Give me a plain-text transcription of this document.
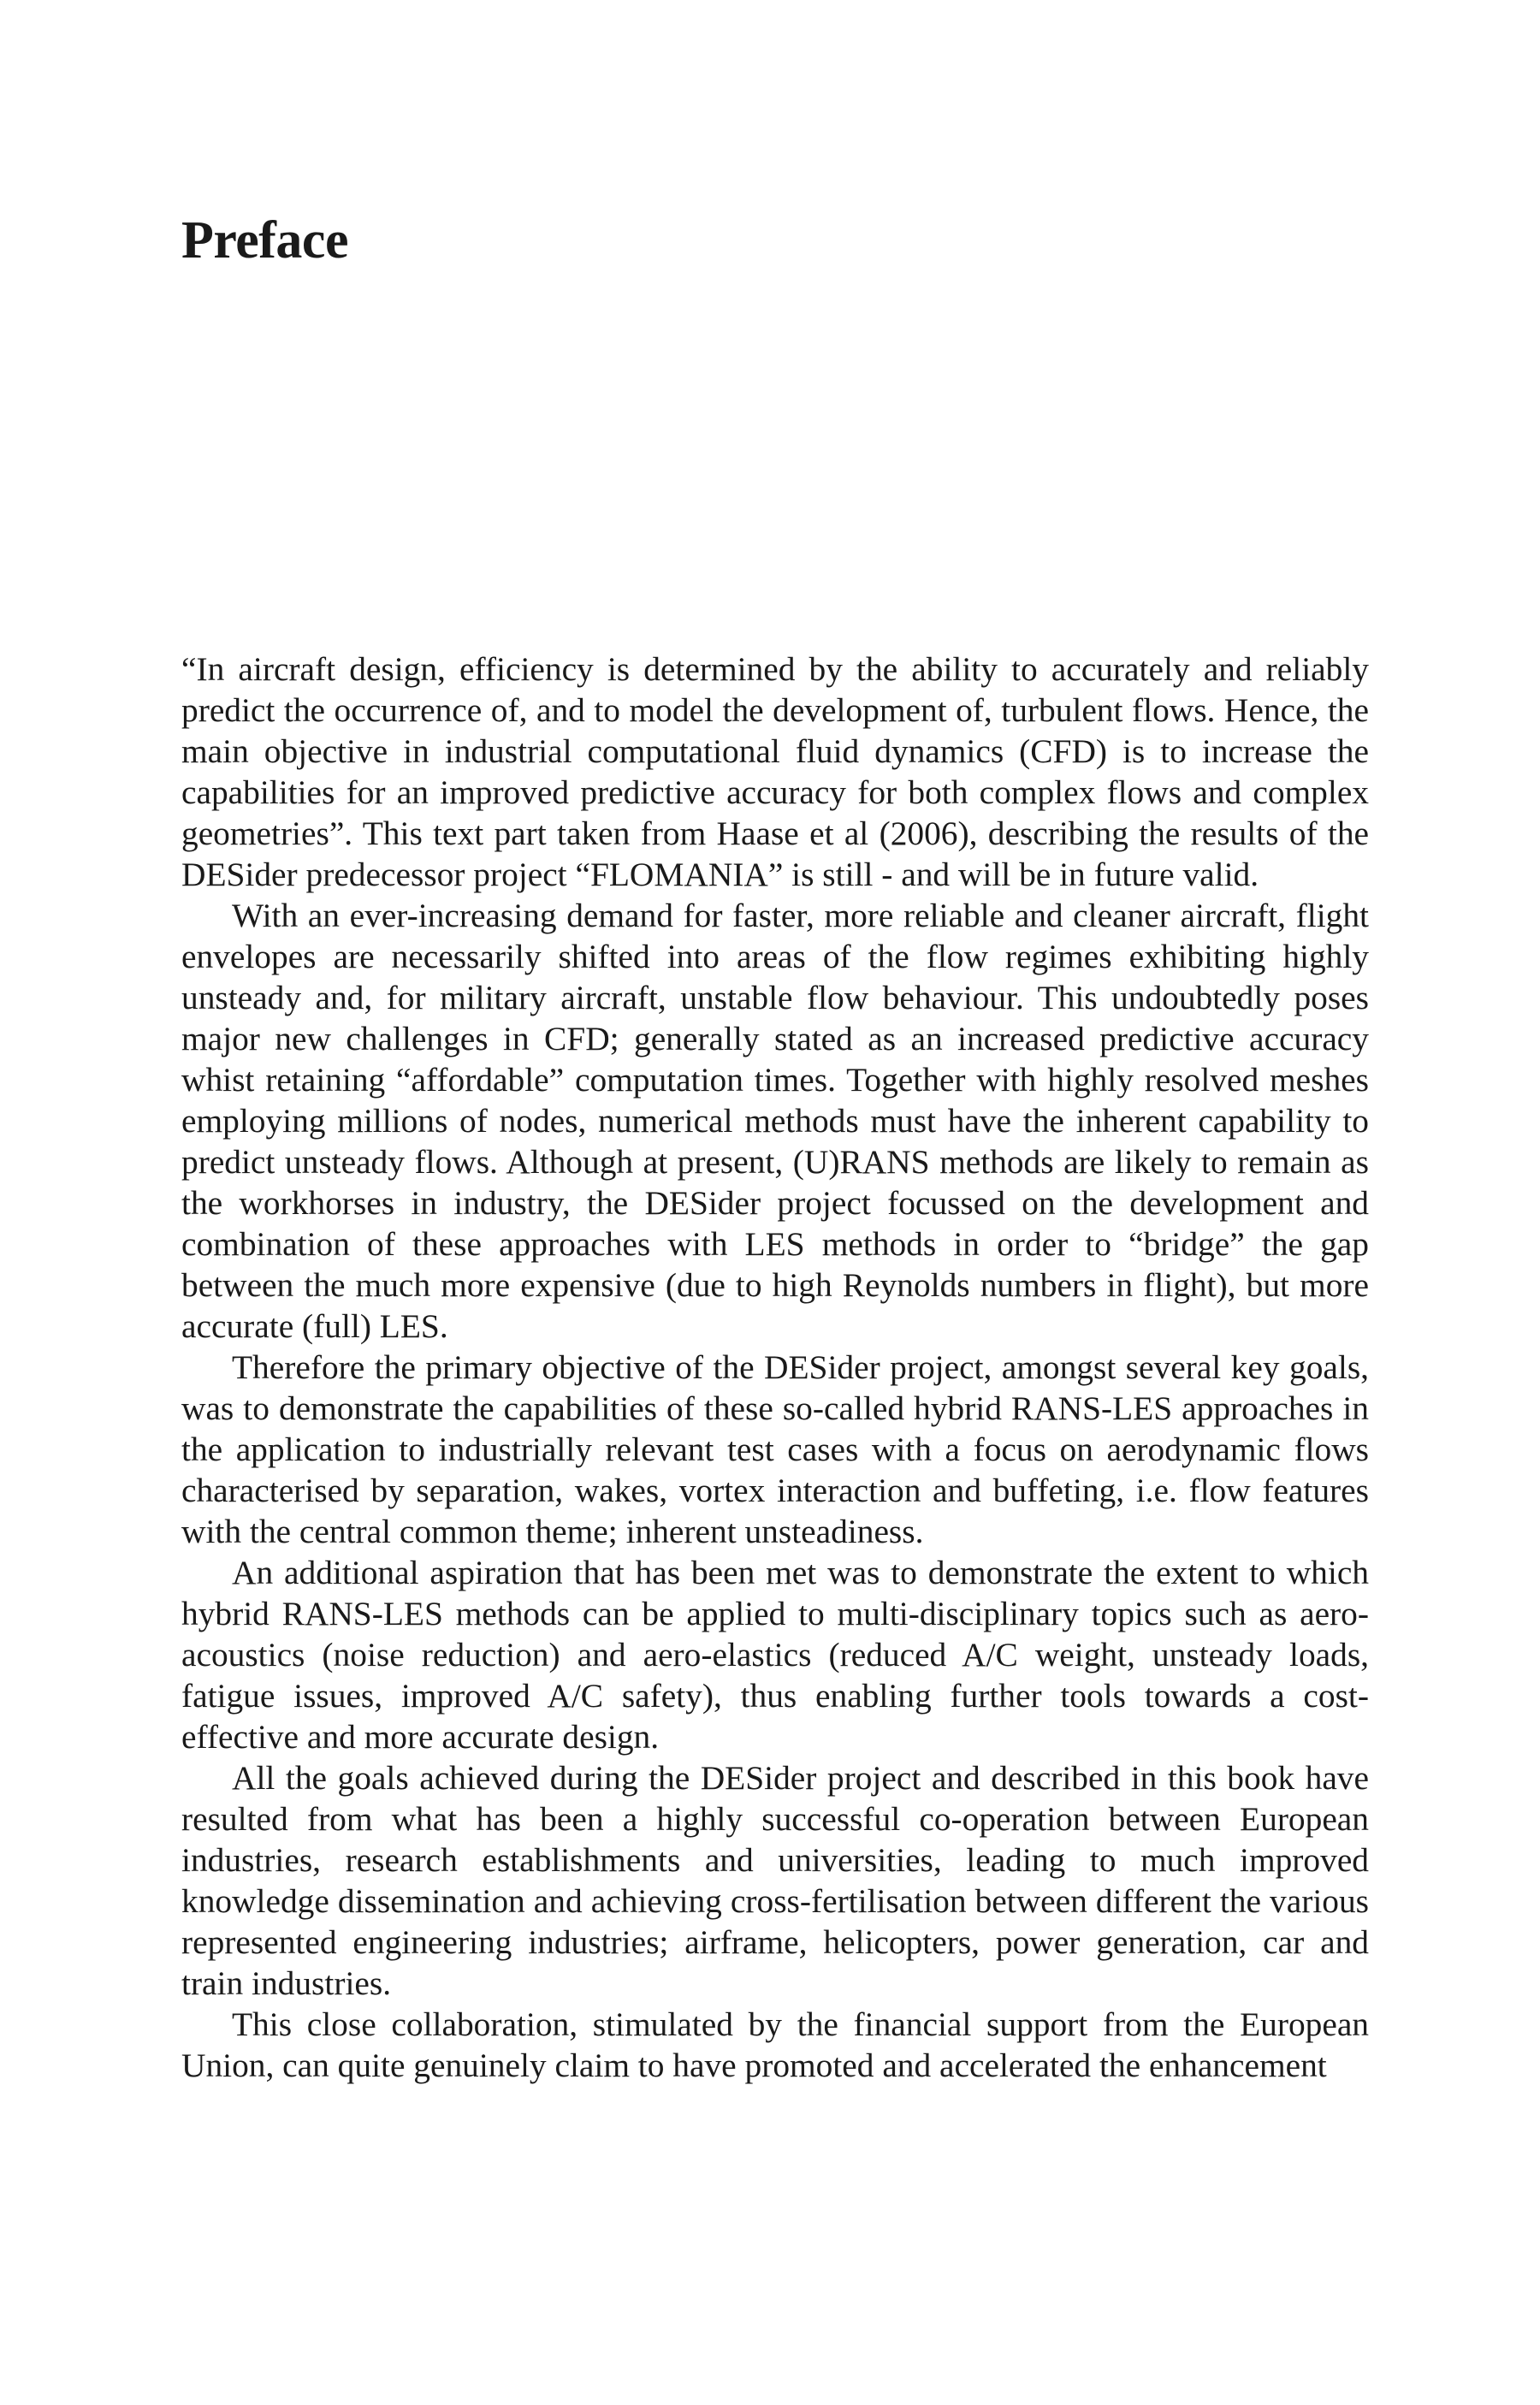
Preface

“In aircraft design, efficiency is determined by the ability to accurately and reliably predict the occurrence of, and to model the development of, turbulent flows. Hence, the main objective in industrial computational fluid dynamics (CFD) is to increase the capabilities for an improved predictive accuracy for both complex flows and complex geometries”. This text part taken from Haase et al (2006), describing the results of the DESider predecessor project “FLOMANIA” is still - and will be in future valid.

With an ever-increasing demand for faster, more reliable and cleaner aircraft, flight envelopes are necessarily shifted into areas of the flow regimes exhibiting highly unsteady and, for military aircraft, unstable flow behaviour. This undoubtedly poses major new challenges in CFD; generally stated as an increased predictive accuracy whist retaining “affordable” computation times. Together with highly resolved meshes employing millions of nodes, numerical methods must have the inherent capability to predict unsteady flows. Although at present, (U)RANS methods are likely to remain as the workhorses in industry, the DESider project focussed on the development and combination of these approaches with LES methods in order to “bridge” the gap between the much more expensive (due to high Reynolds numbers in flight), but more accurate (full) LES.

Therefore the primary objective of the DESider project, amongst several key goals, was to demonstrate the capabilities of these so-called hybrid RANS-LES approaches in the application to industrially relevant test cases with a focus on aerodynamic flows characterised by separation, wakes, vortex interaction and buffeting, i.e. flow features with the central common theme; inherent unsteadiness.

An additional aspiration that has been met was to demonstrate the extent to which hybrid RANS-LES methods can be applied to multi-disciplinary topics such as aero-acoustics (noise reduction) and aero-elastics (reduced A/C weight, unsteady loads, fatigue issues, improved A/C safety), thus enabling further tools towards a cost-effective and more accurate design.

All the goals achieved during the DESider project and described in this book have resulted from what has been a highly successful co-operation between European industries, research establishments and universities, leading to much improved knowledge dissemination and achieving cross-fertilisation between different the various represented engineering industries; airframe, helicopters, power generation, car and train industries.

This close collaboration, stimulated by the financial support from the European Union, can quite genuinely claim to have promoted and accelerated the enhancement
